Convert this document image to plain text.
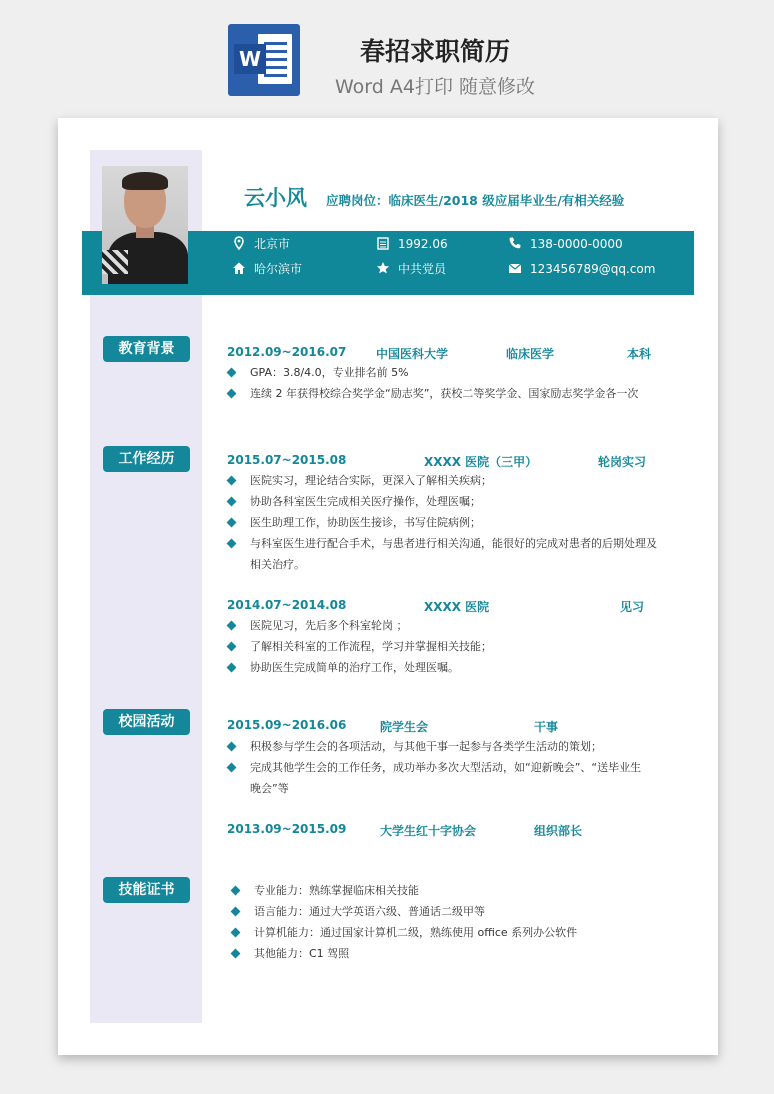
W	春招求职简历
Word A4打印 随意修改
云小风 应聘岗位：临床医生/2018 级应届毕业生/有相关经验
北京市	1992.06	138-0000-0000
哈尔滨市	中共党员	123456789@qq.com
教育背景	2012.09~2016.07 中国医科大学	临床医学	本科
GPA：3.8/4.0，专业排名前 5%
连续 2 年获得校综合奖学金“励志奖”，获校二等奖学金、国家励志奖学金各一次
工作经历	2015.07~2015.08	XXXX 医院（三甲）	轮岗实习
医院实习，理论结合实际，更深入了解相关疾病；
协助各科室医生完成相关医疗操作，处理医嘱；
医生助理工作，协助医生接诊，书写住院病例；
与科室医生进行配合手术，与患者进行相关沟通，能很好的完成对患者的后期处理及
相关治疗。
2014.07~2014.08	XXXX 医院	见习
医院见习，先后多个科室轮岗 ；
了解相关科室的工作流程，学习并掌握相关技能；
协助医生完成简单的治疗工作，处理医嘱。
校园活动	2015.09~2016.06	院学生会	干事
积极参与学生会的各项活动，与其他干事一起参与各类学生活动的策划；
完成其他学生会的工作任务，成功举办多次大型活动，如“迎新晚会”、“送毕业生
晚会”等
2013.09~2015.09	大学生红十字协会	组织部长
技能证书	专业能力：熟练掌握临床相关技能
语言能力：通过大学英语六级、普通话二级甲等
计算机能力：通过国家计算机二级，熟练使用 office 系列办公软件
其他能力：C1 驾照
